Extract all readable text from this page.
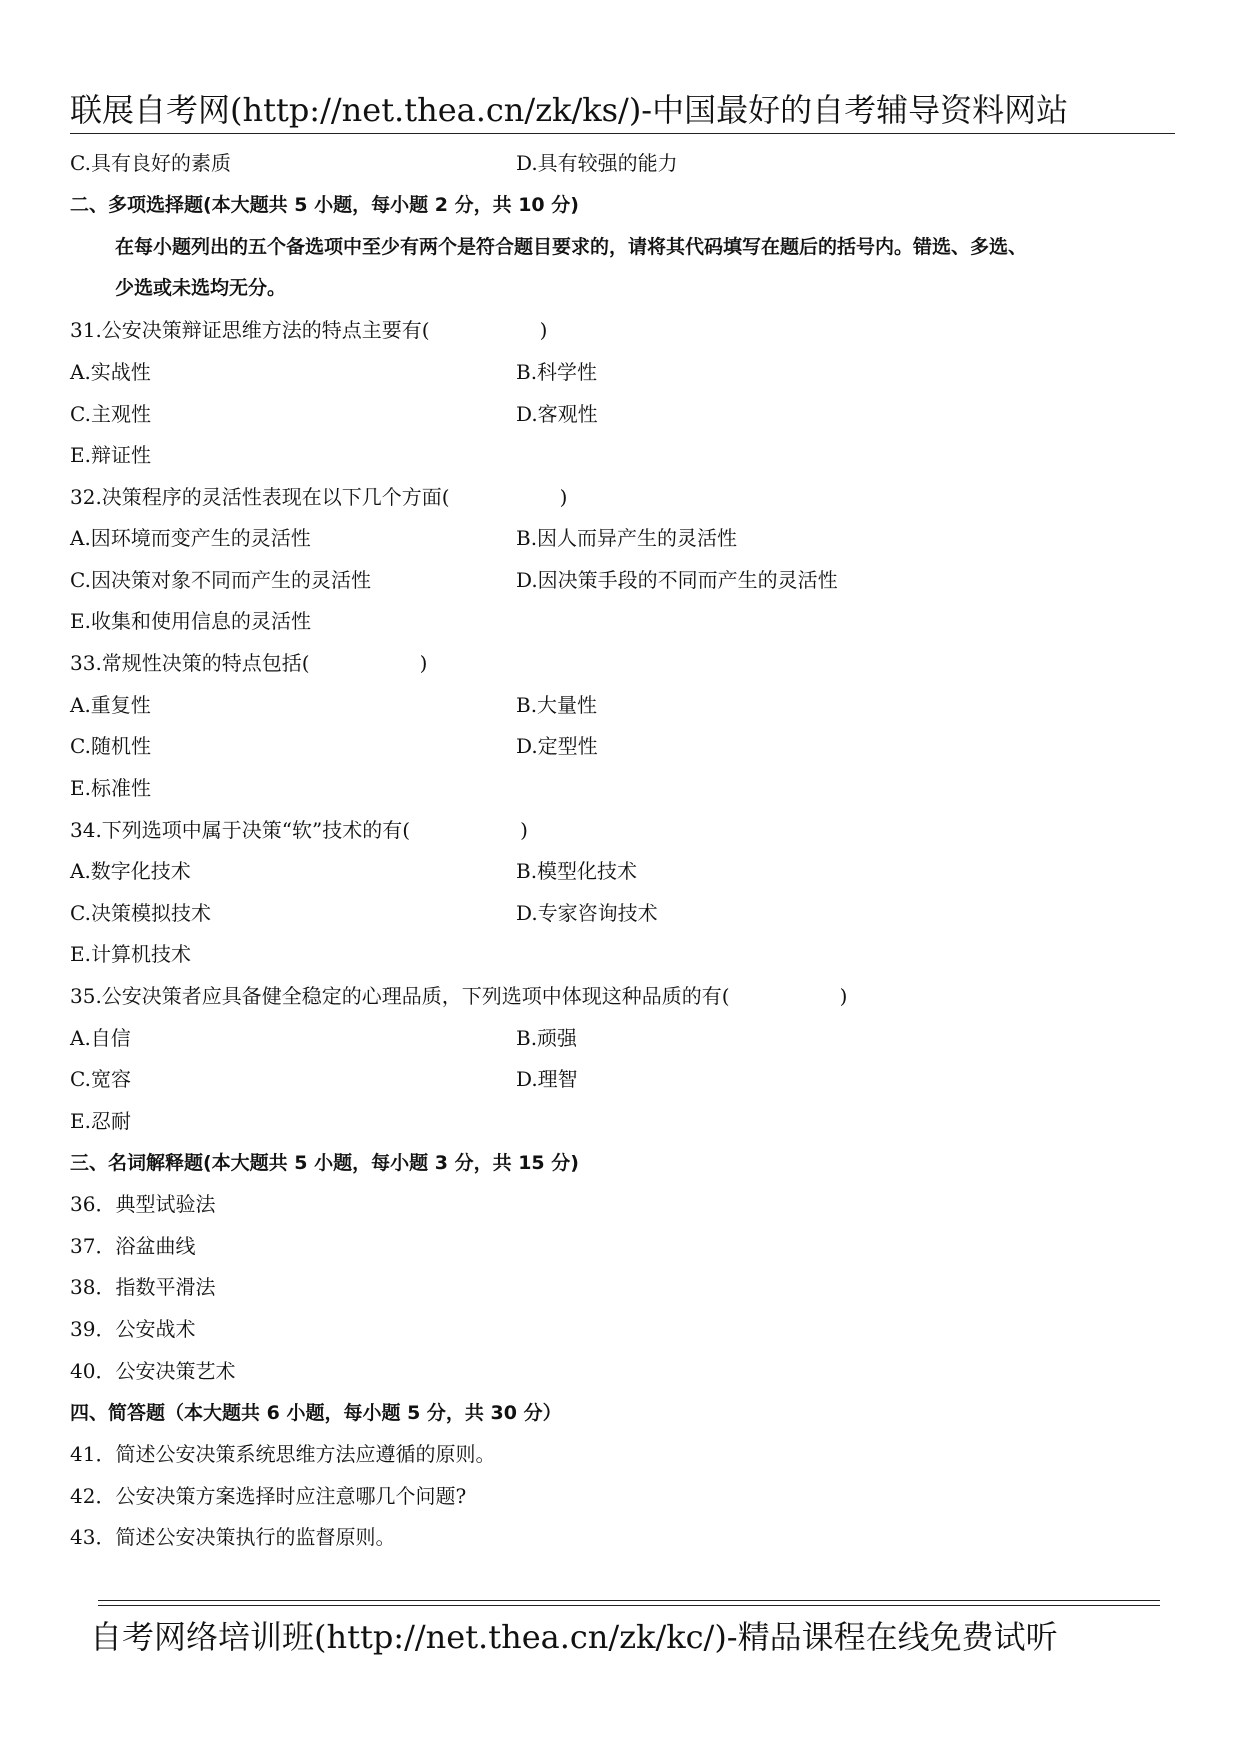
联展自考网(http://net.thea.cn/zk/ks/)-中国最好的自考辅导资料网站
C.具有良好的素质	D.具有较强的能力
二、多项选择题(本大题共 5 小题，每小题 2 分，共 10 分)
在每小题列出的五个备选项中至少有两个是符合题目要求的，请将其代码填写在题后的括号内。错选、多选、
少选或未选均无分。
31.公安决策辩证思维方法的特点主要有(	)
A.实战性	B.科学性
C.主观性	D.客观性
E.辩证性
32.决策程序的灵活性表现在以下几个方面(	)
A.因环境而变产生的灵活性	B.因人而异产生的灵活性
C.因决策对象不同而产生的灵活性	D.因决策手段的不同而产生的灵活性
E.收集和使用信息的灵活性
33.常规性决策的特点包括(	)
A.重复性	B.大量性
C.随机性	D.定型性
E.标准性
34.下列选项中属于决策“软”技术的有(	)
A.数字化技术	B.模型化技术
C.决策模拟技术	D.专家咨询技术
E.计算机技术
35.公安决策者应具备健全稳定的心理品质，下列选项中体现这种品质的有(	)
A.自信	B.顽强
C.宽容	D.理智
E.忍耐
三、名词解释题(本大题共 5 小题，每小题 3 分，共 15 分)
36．典型试验法
37．浴盆曲线
38．指数平滑法
39．公安战术
40．公安决策艺术
四、简答题（本大题共 6 小题，每小题 5 分，共 30 分）
41．简述公安决策系统思维方法应遵循的原则。
42．公安决策方案选择时应注意哪几个问题?
43．简述公安决策执行的监督原则。
自考网络培训班(http://net.thea.cn/zk/kc/)-精品课程在线免费试听
